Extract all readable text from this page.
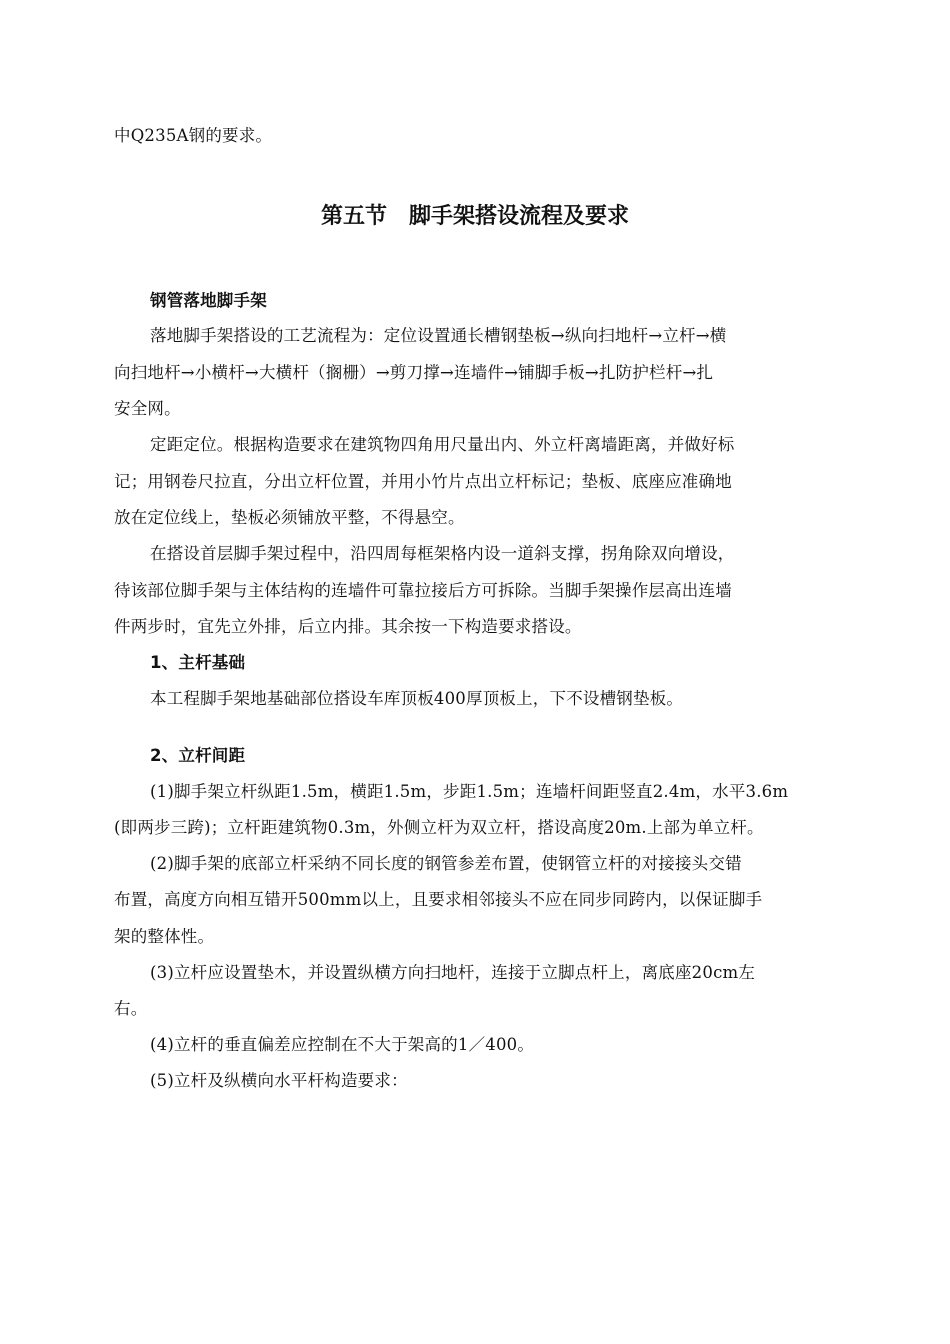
中Q235A钢的要求。
第五节　脚手架搭设流程及要求
钢管落地脚手架
落地脚手架搭设的工艺流程为：定位设置通长槽钢垫板→纵向扫地杆→立杆→横
向扫地杆→小横杆→大横杆（搁栅）→剪刀撑→连墙件→铺脚手板→扎防护栏杆→扎
安全网。
定距定位。根据构造要求在建筑物四角用尺量出内、外立杆离墙距离，并做好标
记；用钢卷尺拉直，分出立杆位置，并用小竹片点出立杆标记；垫板、底座应准确地
放在定位线上，垫板必须铺放平整，不得悬空。
在搭设首层脚手架过程中，沿四周每框架格内设一道斜支撑，拐角除双向增设，
待该部位脚手架与主体结构的连墙件可靠拉接后方可拆除。当脚手架操作层高出连墙
件两步时，宜先立外排，后立内排。其余按一下构造要求搭设。
1、主杆基础
本工程脚手架地基础部位搭设车库顶板400厚顶板上，下不设槽钢垫板。
2、立杆间距
(1)脚手架立杆纵距1.5m，横距1.5m，步距1.5m；连墙杆间距竖直2.4m，水平3.6m
(即两步三跨)；立杆距建筑物0.3m，外侧立杆为双立杆，搭设高度20m.上部为单立杆。
(2)脚手架的底部立杆采纳不同长度的钢管参差布置，使钢管立杆的对接接头交错
布置，高度方向相互错开500mm以上，且要求相邻接头不应在同步同跨内，以保证脚手
架的整体性。
(3)立杆应设置垫木，并设置纵横方向扫地杆，连接于立脚点杆上，离底座20cm左
右。
(4)立杆的垂直偏差应控制在不大于架高的1／400。
(5)立杆及纵横向水平杆构造要求：
